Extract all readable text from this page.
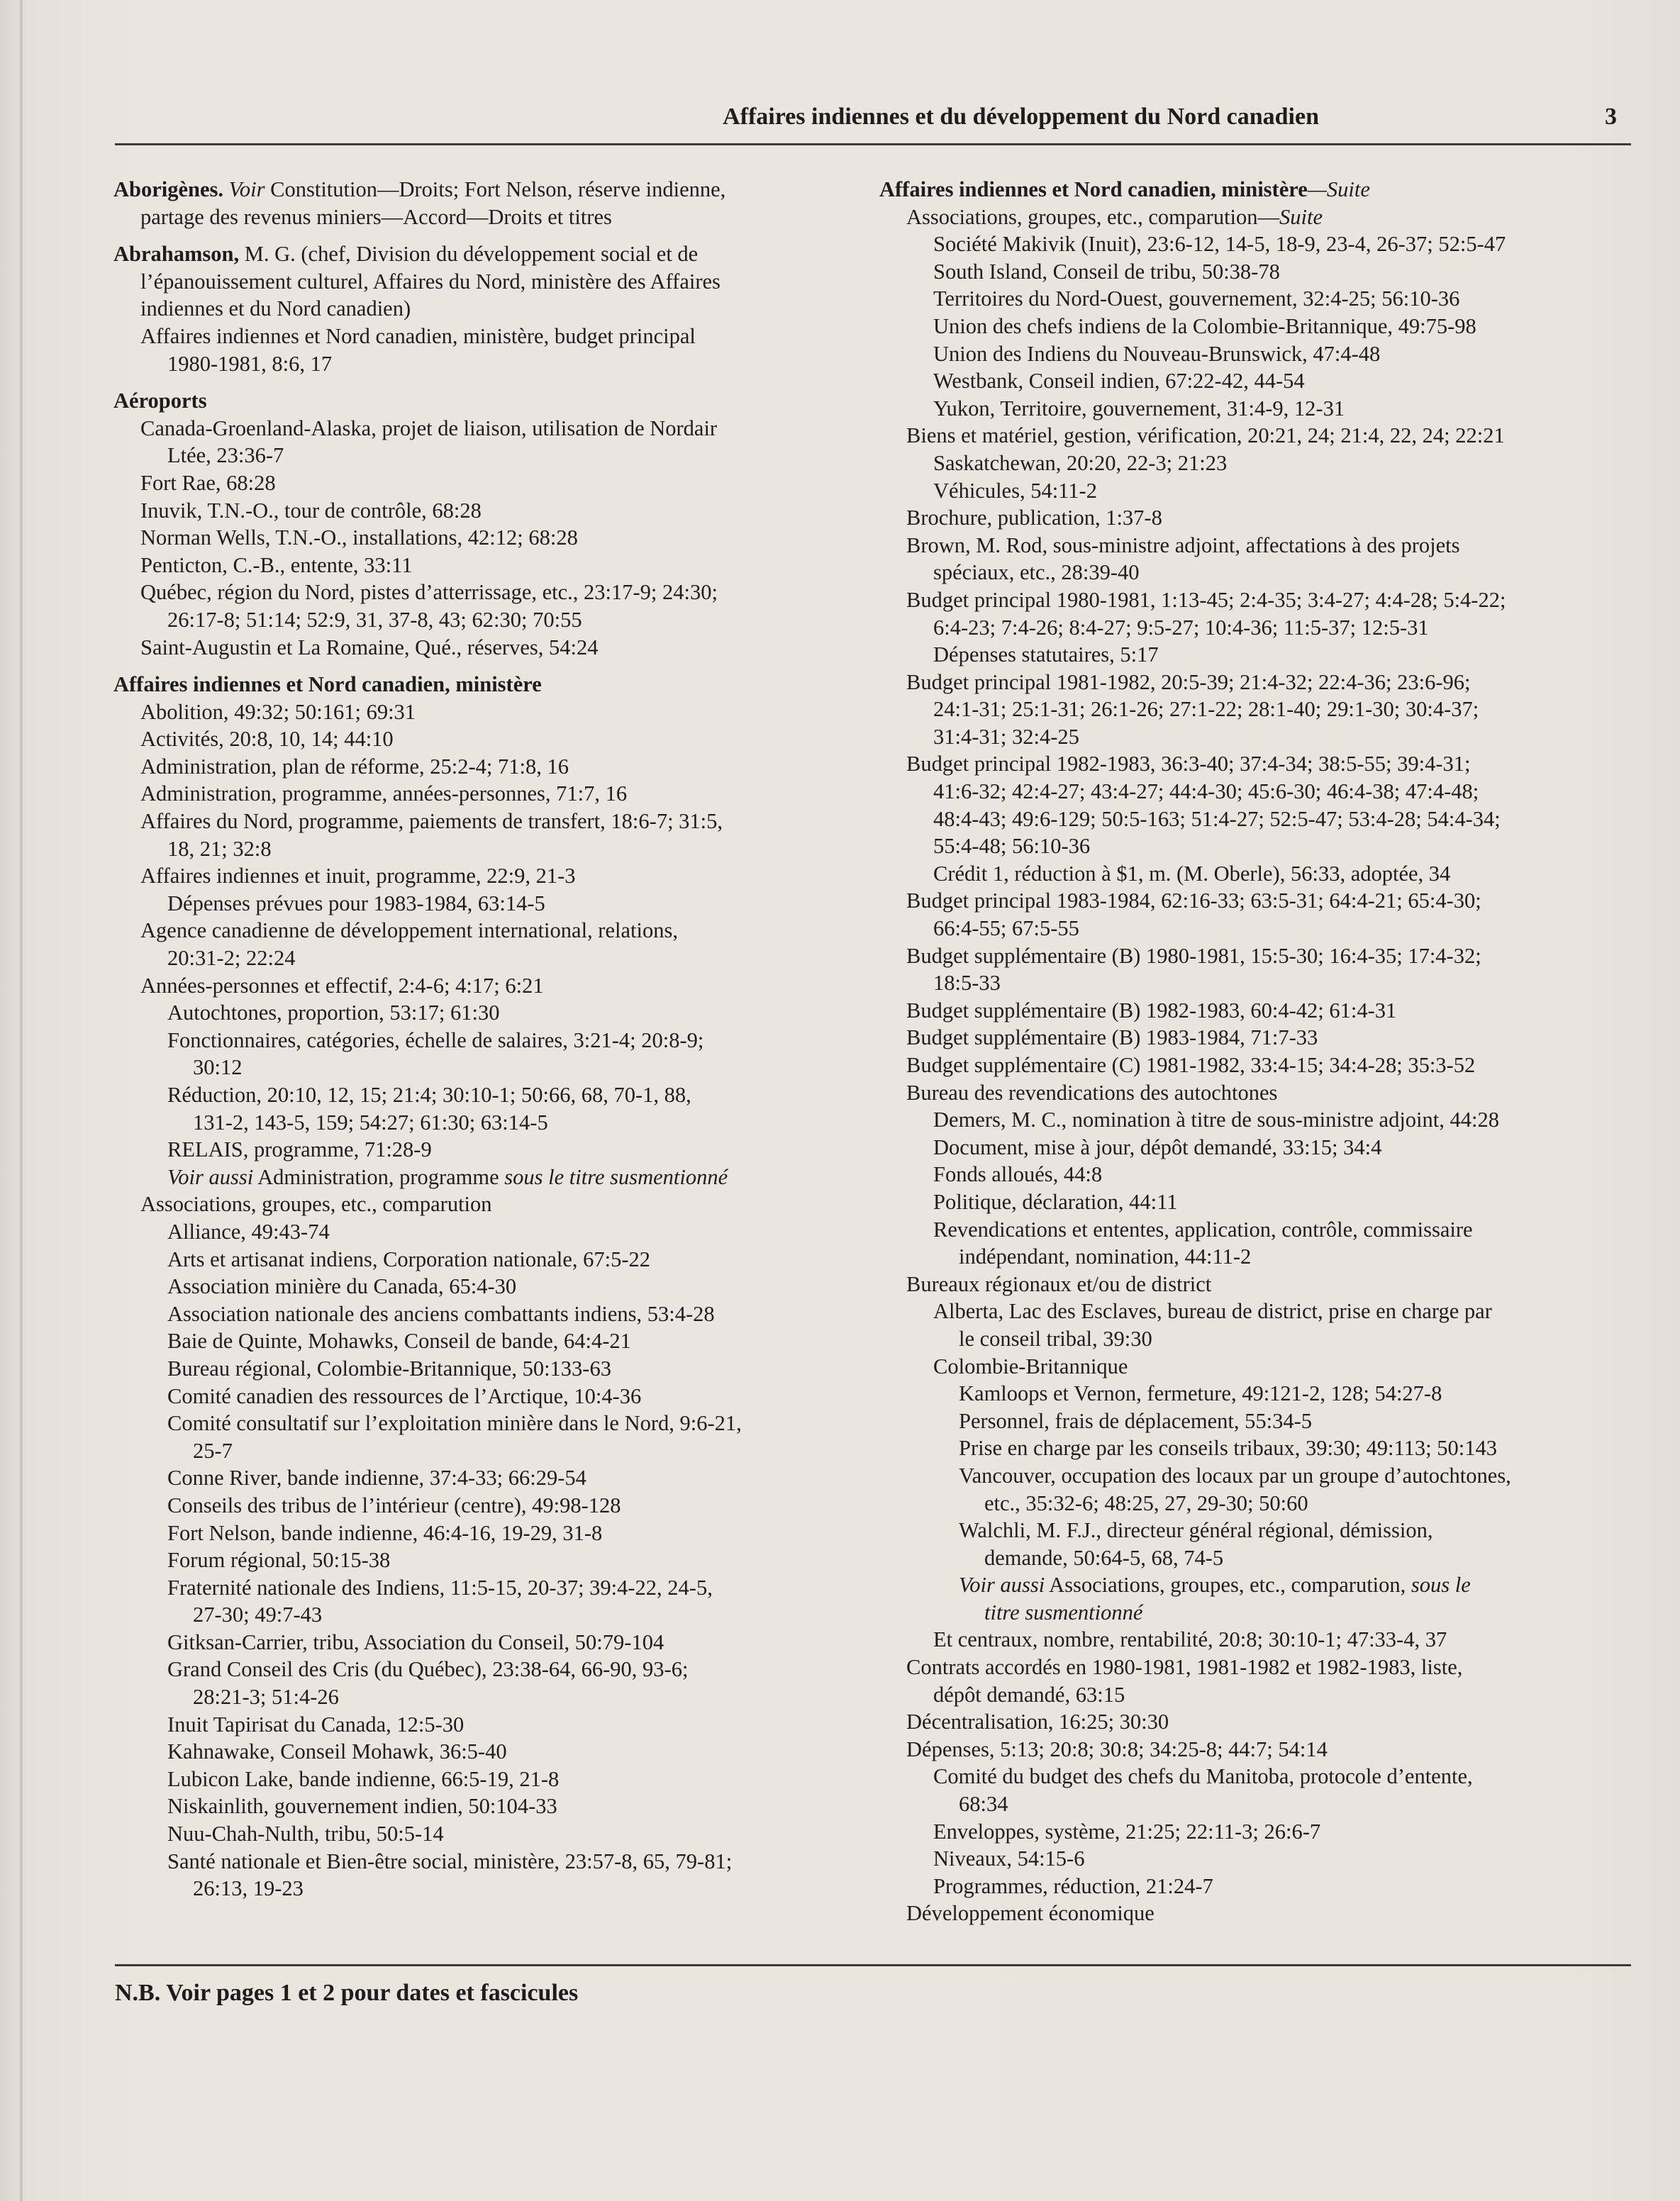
Affaires indiennes et du développement du Nord canadien	3
Aborigènes. Voir Constitution—Droits; Fort Nelson, réserve indienne,
partage des revenus miniers—Accord—Droits et titres
Abrahamson, M. G. (chef, Division du développement social et de
l’épanouissement culturel, Affaires du Nord, ministère des Affaires
indiennes et du Nord canadien)
Affaires indiennes et Nord canadien, ministère, budget principal
1980-1981, 8:6, 17
Aéroports
Canada-Groenland-Alaska, projet de liaison, utilisation de Nordair
Ltée, 23:36-7
Fort Rae, 68:28
Inuvik, T.N.-O., tour de contrôle, 68:28
Norman Wells, T.N.-O., installations, 42:12; 68:28
Penticton, C.-B., entente, 33:11
Québec, région du Nord, pistes d’atterrissage, etc., 23:17-9; 24:30;
26:17-8; 51:14; 52:9, 31, 37-8, 43; 62:30; 70:55
Saint-Augustin et La Romaine, Qué., réserves, 54:24
Affaires indiennes et Nord canadien, ministère
Abolition, 49:32; 50:161; 69:31
Activités, 20:8, 10, 14; 44:10
Administration, plan de réforme, 25:2-4; 71:8, 16
Administration, programme, années-personnes, 71:7, 16
Affaires du Nord, programme, paiements de transfert, 18:6-7; 31:5,
18, 21; 32:8
Affaires indiennes et inuit, programme, 22:9, 21-3
Dépenses prévues pour 1983-1984, 63:14-5
Agence canadienne de développement international, relations,
20:31-2; 22:24
Années-personnes et effectif, 2:4-6; 4:17; 6:21
Autochtones, proportion, 53:17; 61:30
Fonctionnaires, catégories, échelle de salaires, 3:21-4; 20:8-9;
30:12
Réduction, 20:10, 12, 15; 21:4; 30:10-1; 50:66, 68, 70-1, 88,
131-2, 143-5, 159; 54:27; 61:30; 63:14-5
RELAIS, programme, 71:28-9
Voir aussi Administration, programme sous le titre susmentionné
Associations, groupes, etc., comparution
Alliance, 49:43-74
Arts et artisanat indiens, Corporation nationale, 67:5-22
Association minière du Canada, 65:4-30
Association nationale des anciens combattants indiens, 53:4-28
Baie de Quinte, Mohawks, Conseil de bande, 64:4-21
Bureau régional, Colombie-Britannique, 50:133-63
Comité canadien des ressources de l’Arctique, 10:4-36
Comité consultatif sur l’exploitation minière dans le Nord, 9:6-21,
25-7
Conne River, bande indienne, 37:4-33; 66:29-54
Conseils des tribus de l’intérieur (centre), 49:98-128
Fort Nelson, bande indienne, 46:4-16, 19-29, 31-8
Forum régional, 50:15-38
Fraternité nationale des Indiens, 11:5-15, 20-37; 39:4-22, 24-5,
27-30; 49:7-43
Gitksan-Carrier, tribu, Association du Conseil, 50:79-104
Grand Conseil des Cris (du Québec), 23:38-64, 66-90, 93-6;
28:21-3; 51:4-26
Inuit Tapirisat du Canada, 12:5-30
Kahnawake, Conseil Mohawk, 36:5-40
Lubicon Lake, bande indienne, 66:5-19, 21-8
Niskainlith, gouvernement indien, 50:104-33
Nuu-Chah-Nulth, tribu, 50:5-14
Santé nationale et Bien-être social, ministère, 23:57-8, 65, 79-81;
26:13, 19-23
Affaires indiennes et Nord canadien, ministère—Suite
Associations, groupes, etc., comparution—Suite
Société Makivik (Inuit), 23:6-12, 14-5, 18-9, 23-4, 26-37; 52:5-47
South Island, Conseil de tribu, 50:38-78
Territoires du Nord-Ouest, gouvernement, 32:4-25; 56:10-36
Union des chefs indiens de la Colombie-Britannique, 49:75-98
Union des Indiens du Nouveau-Brunswick, 47:4-48
Westbank, Conseil indien, 67:22-42, 44-54
Yukon, Territoire, gouvernement, 31:4-9, 12-31
Biens et matériel, gestion, vérification, 20:21, 24; 21:4, 22, 24; 22:21
Saskatchewan, 20:20, 22-3; 21:23
Véhicules, 54:11-2
Brochure, publication, 1:37-8
Brown, M. Rod, sous-ministre adjoint, affectations à des projets
spéciaux, etc., 28:39-40
Budget principal 1980-1981, 1:13-45; 2:4-35; 3:4-27; 4:4-28; 5:4-22;
6:4-23; 7:4-26; 8:4-27; 9:5-27; 10:4-36; 11:5-37; 12:5-31
Dépenses statutaires, 5:17
Budget principal 1981-1982, 20:5-39; 21:4-32; 22:4-36; 23:6-96;
24:1-31; 25:1-31; 26:1-26; 27:1-22; 28:1-40; 29:1-30; 30:4-37;
31:4-31; 32:4-25
Budget principal 1982-1983, 36:3-40; 37:4-34; 38:5-55; 39:4-31;
41:6-32; 42:4-27; 43:4-27; 44:4-30; 45:6-30; 46:4-38; 47:4-48;
48:4-43; 49:6-129; 50:5-163; 51:4-27; 52:5-47; 53:4-28; 54:4-34;
55:4-48; 56:10-36
Crédit 1, réduction à $1, m. (M. Oberle), 56:33, adoptée, 34
Budget principal 1983-1984, 62:16-33; 63:5-31; 64:4-21; 65:4-30;
66:4-55; 67:5-55
Budget supplémentaire (B) 1980-1981, 15:5-30; 16:4-35; 17:4-32;
18:5-33
Budget supplémentaire (B) 1982-1983, 60:4-42; 61:4-31
Budget supplémentaire (B) 1983-1984, 71:7-33
Budget supplémentaire (C) 1981-1982, 33:4-15; 34:4-28; 35:3-52
Bureau des revendications des autochtones
Demers, M. C., nomination à titre de sous-ministre adjoint, 44:28
Document, mise à jour, dépôt demandé, 33:15; 34:4
Fonds alloués, 44:8
Politique, déclaration, 44:11
Revendications et ententes, application, contrôle, commissaire
indépendant, nomination, 44:11-2
Bureaux régionaux et/ou de district
Alberta, Lac des Esclaves, bureau de district, prise en charge par
le conseil tribal, 39:30
Colombie-Britannique
Kamloops et Vernon, fermeture, 49:121-2, 128; 54:27-8
Personnel, frais de déplacement, 55:34-5
Prise en charge par les conseils tribaux, 39:30; 49:113; 50:143
Vancouver, occupation des locaux par un groupe d’autochtones,
etc., 35:32-6; 48:25, 27, 29-30; 50:60
Walchli, M. F.J., directeur général régional, démission,
demande, 50:64-5, 68, 74-5
Voir aussi Associations, groupes, etc., comparution, sous le
titre susmentionné
Et centraux, nombre, rentabilité, 20:8; 30:10-1; 47:33-4, 37
Contrats accordés en 1980-1981, 1981-1982 et 1982-1983, liste,
dépôt demandé, 63:15
Décentralisation, 16:25; 30:30
Dépenses, 5:13; 20:8; 30:8; 34:25-8; 44:7; 54:14
Comité du budget des chefs du Manitoba, protocole d’entente,
68:34
Enveloppes, système, 21:25; 22:11-3; 26:6-7
Niveaux, 54:15-6
Programmes, réduction, 21:24-7
Développement économique
N.B. Voir pages 1 et 2 pour dates et fascicules
